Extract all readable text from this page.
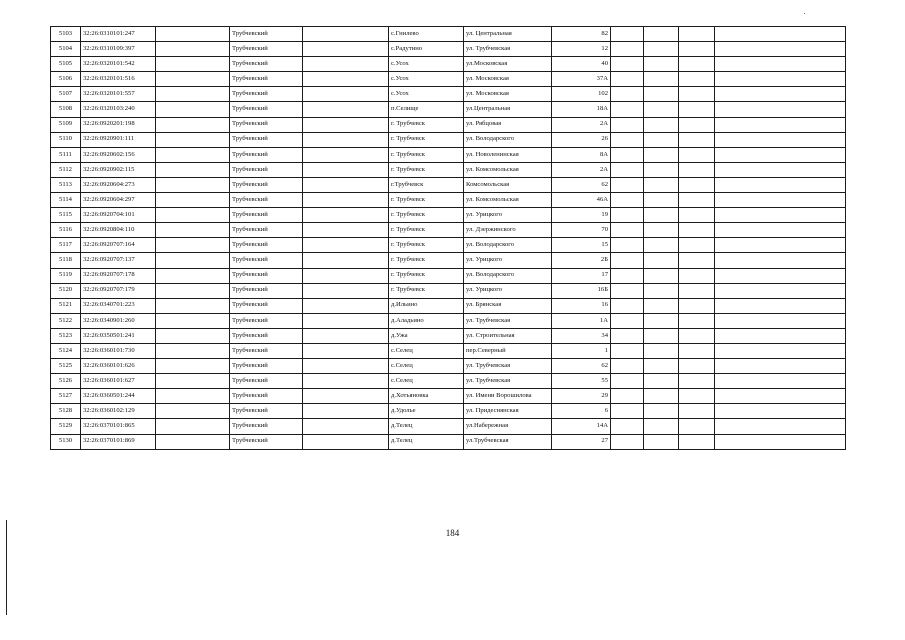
5103	32:26:0310101:247		Трубчевский		с.Гнилево	ул. Центральная	82				
5104	32:26:0310109:397		Трубчевский		с.Радутино	ул. Трубчевская	12				
5105	32:26:0320101:542		Трубчевский		с.Усох	ул.Московская	40				
5106	32:26:0320101:516		Трубчевский		с.Усох	ул. Московская	37А				
5107	32:26:0320101:557		Трубчевский		с.Усох	ул. Московская	102				
5108	32:26:0320103:240		Трубчевский		п.Селище	ул.Центральная	18А				
5109	32:26:0920201:198		Трубчевский		г. Трубчевск	ул. Рябцовая	2А				
5110	32:26:0920901:111		Трубчевский		г. Трубчевск	ул. Володарского	26				
5111	32:26:0920602:156		Трубчевский		г. Трубчевск	ул. Новоленинская	8А				
5112	32:26:0920902:115		Трубчевский		г. Трубчевск	ул. Комсомольская	2А				
5113	32:26:0920604:273		Трубчевский		г.Трубчевск	Комсомольская	62				
5114	32:26:0920604:297		Трубчевский		г. Трубчевск	ул. Комсомольская	46А				
5115	32:26:0920704:101		Трубчевский		г. Трубчевск	ул. Урицкого	19				
5116	32:26:0920804:110		Трубчевский		г. Трубчевск	ул. Дзержинского	70				
5117	32:26:0920707:164		Трубчевский		г. Трубчевск	ул. Володарского	15				
5118	32:26:0920707:137		Трубчевский		г. Трубчевск	ул. Урицкого	2Б				
5119	32:26:0920707:178		Трубчевский		г. Трубчевск	ул. Володарского	17				
5120	32:26:0920707:179		Трубчевский		г. Трубчевск	ул. Урицкого	16Б				
5121	32:26:0340701:223		Трубчевский		д.Ильино	ул. Брянская	16				
5122	32:26:0340901:260		Трубчевский		д.Аладьино	ул. Трубчевская	1А				
5123	32:26:0350501:241		Трубчевский		д.Ужа	ул. Строительная	34				
5124	32:26:0360101:730		Трубчевский		с.Селец	пер.Северный	1				
5125	32:26:0360101:626		Трубчевский		с.Селец	ул. Трубчевская	62				
5126	32:26:0360101:627		Трубчевский		с.Селец	ул. Трубчевская	55				
5127	32:26:0360501:244		Трубчевский		д.Хотьяновка	ул. Имени Ворошилова	29				
5128	32:26:0360102:129		Трубчевский		д.Удолье	ул. Придеснянская	6				
5129	32:26:0370101:865		Трубчевский		д.Телец	ул.Набережная	14А				
5130	32:26:0370101:869		Трубчевский		д.Телец	ул.Трубчевская	27				
184
